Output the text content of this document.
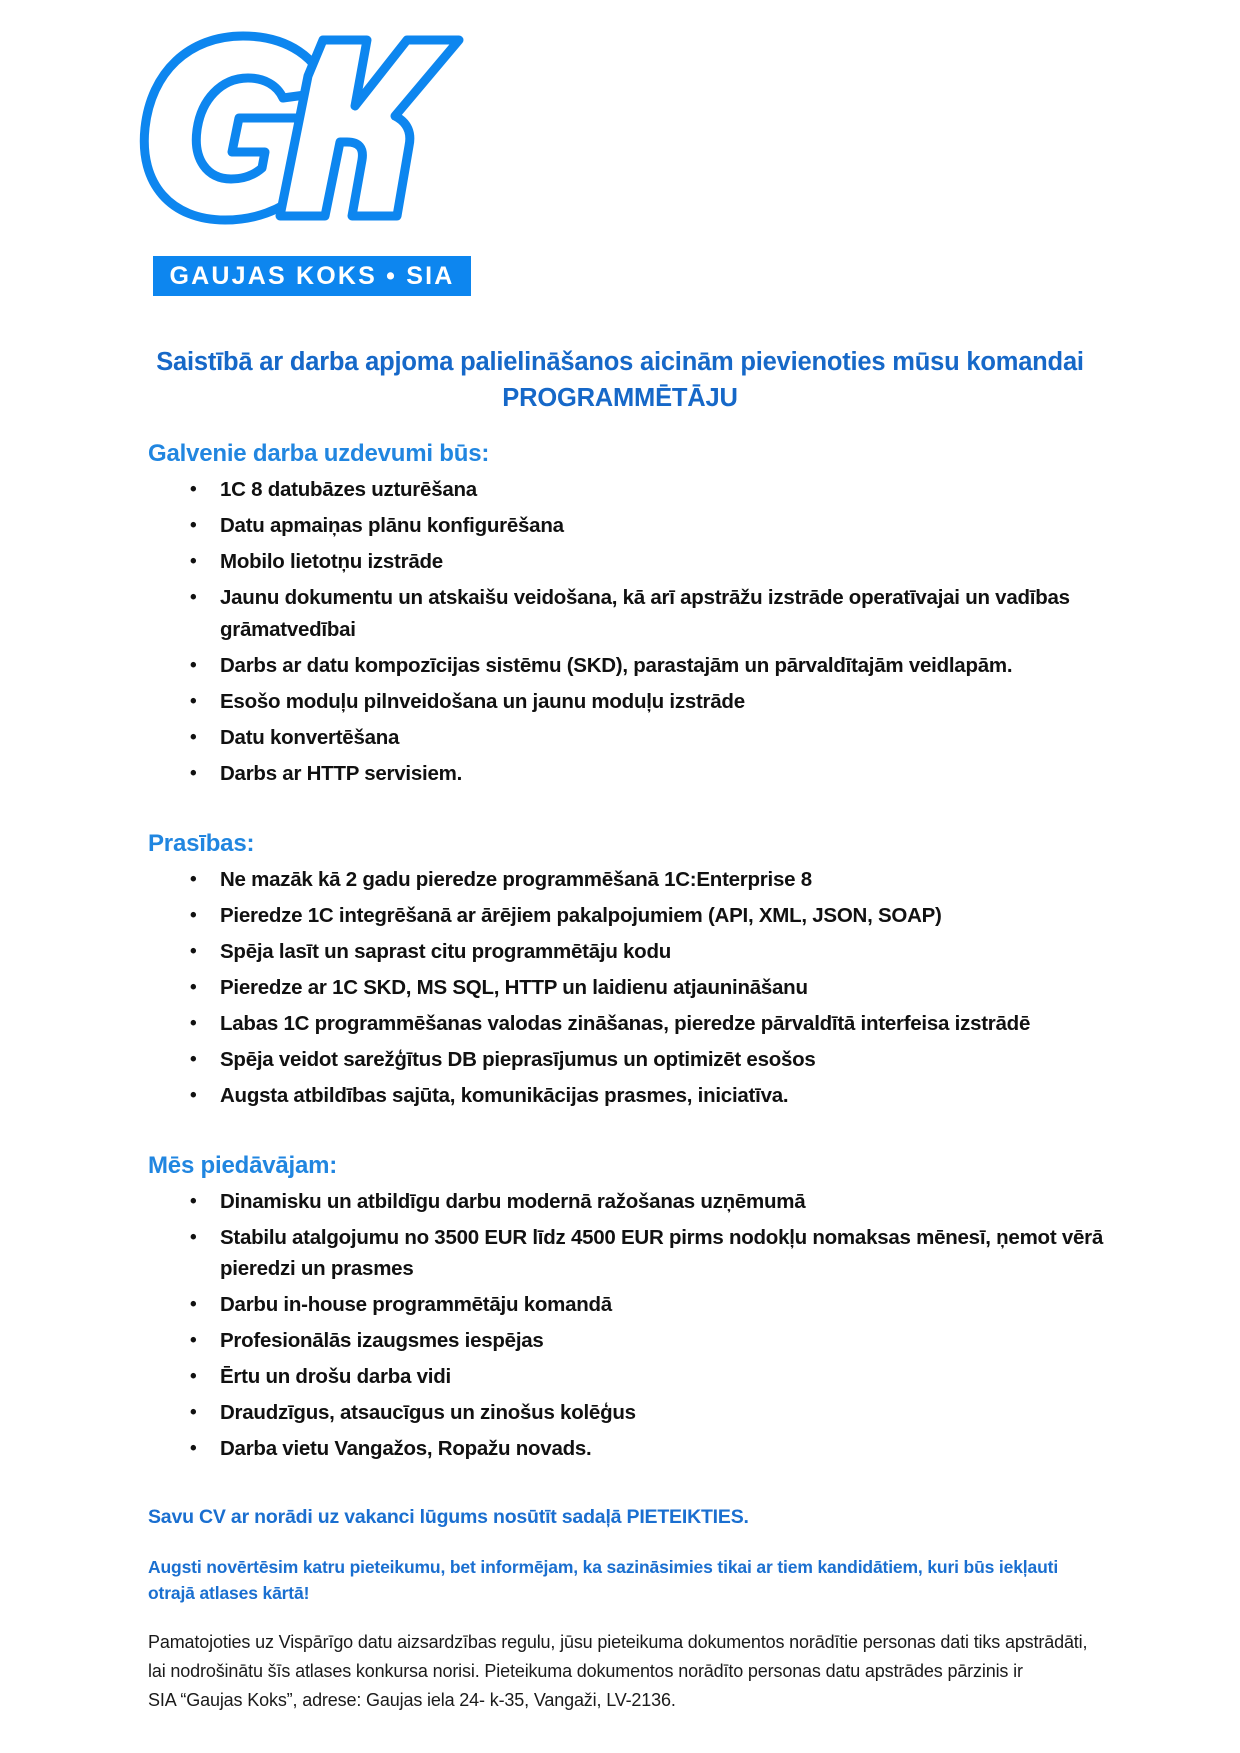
GAUJAS KOKS • SIA
Saistībā ar darba apjoma palielināšanos aicinām pievienoties mūsu komandai
PROGRAMMĒTĀJU
Galvenie darba uzdevumi būs:
• 1C 8 datubāzes uzturēšana
• Datu apmaiņas plānu konfigurēšana
• Mobilo lietotņu izstrāde
• Jaunu dokumentu un atskaišu veidošana, kā arī apstrāžu izstrāde operatīvajai un vadības grāmatvedībai
• Darbs ar datu kompozīcijas sistēmu (SKD), parastajām un pārvaldītajām veidlapām.
• Esošo moduļu pilnveidošana un jaunu moduļu izstrāde
• Datu konvertēšana
• Darbs ar HTTP servisiem.
Prasības:
• Ne mazāk kā 2 gadu pieredze programmēšanā 1C:Enterprise 8
• Pieredze 1C integrēšanā ar ārējiem pakalpojumiem (API, XML, JSON, SOAP)
• Spēja lasīt un saprast citu programmētāju kodu
• Pieredze ar 1C SKD, MS SQL, HTTP un laidienu atjaunināšanu
• Labas 1C programmēšanas valodas zināšanas, pieredze pārvaldītā interfeisa izstrādē
• Spēja veidot sarežģītus DB pieprasījumus un optimizēt esošos
• Augsta atbildības sajūta, komunikācijas prasmes, iniciatīva.
Mēs piedāvājam:
• Dinamisku un atbildīgu darbu modernā ražošanas uzņēmumā
• Stabilu atalgojumu no 3500 EUR līdz 4500 EUR pirms nodokļu nomaksas mēnesī, ņemot vērā pieredzi un prasmes
• Darbu in-house programmētāju komandā
• Profesionālās izaugsmes iespējas
• Ērtu un drošu darba vidi
• Draudzīgus, atsaucīgus un zinošus kolēģus
• Darba vietu Vangažos, Ropažu novads.

Savu CV ar norādi uz vakanci lūgums nosūtīt sadaļā PIETEIKTIES.

Augsti novērtēsim katru pieteikumu, bet informējam, ka sazināsimies tikai ar tiem kandidātiem, kuri būs iekļauti otrajā atlases kārtā!

Pamatojoties uz Vispārīgo datu aizsardzības regulu, jūsu pieteikuma dokumentos norādītie personas dati tiks apstrādāti, lai nodrošinātu šīs atlases konkursa norisi. Pieteikuma dokumentos norādīto personas datu apstrādes pārzinis ir

SIA “Gaujas Koks”, adrese: Gaujas iela 24- k-35, Vangaži, LV-2136.
